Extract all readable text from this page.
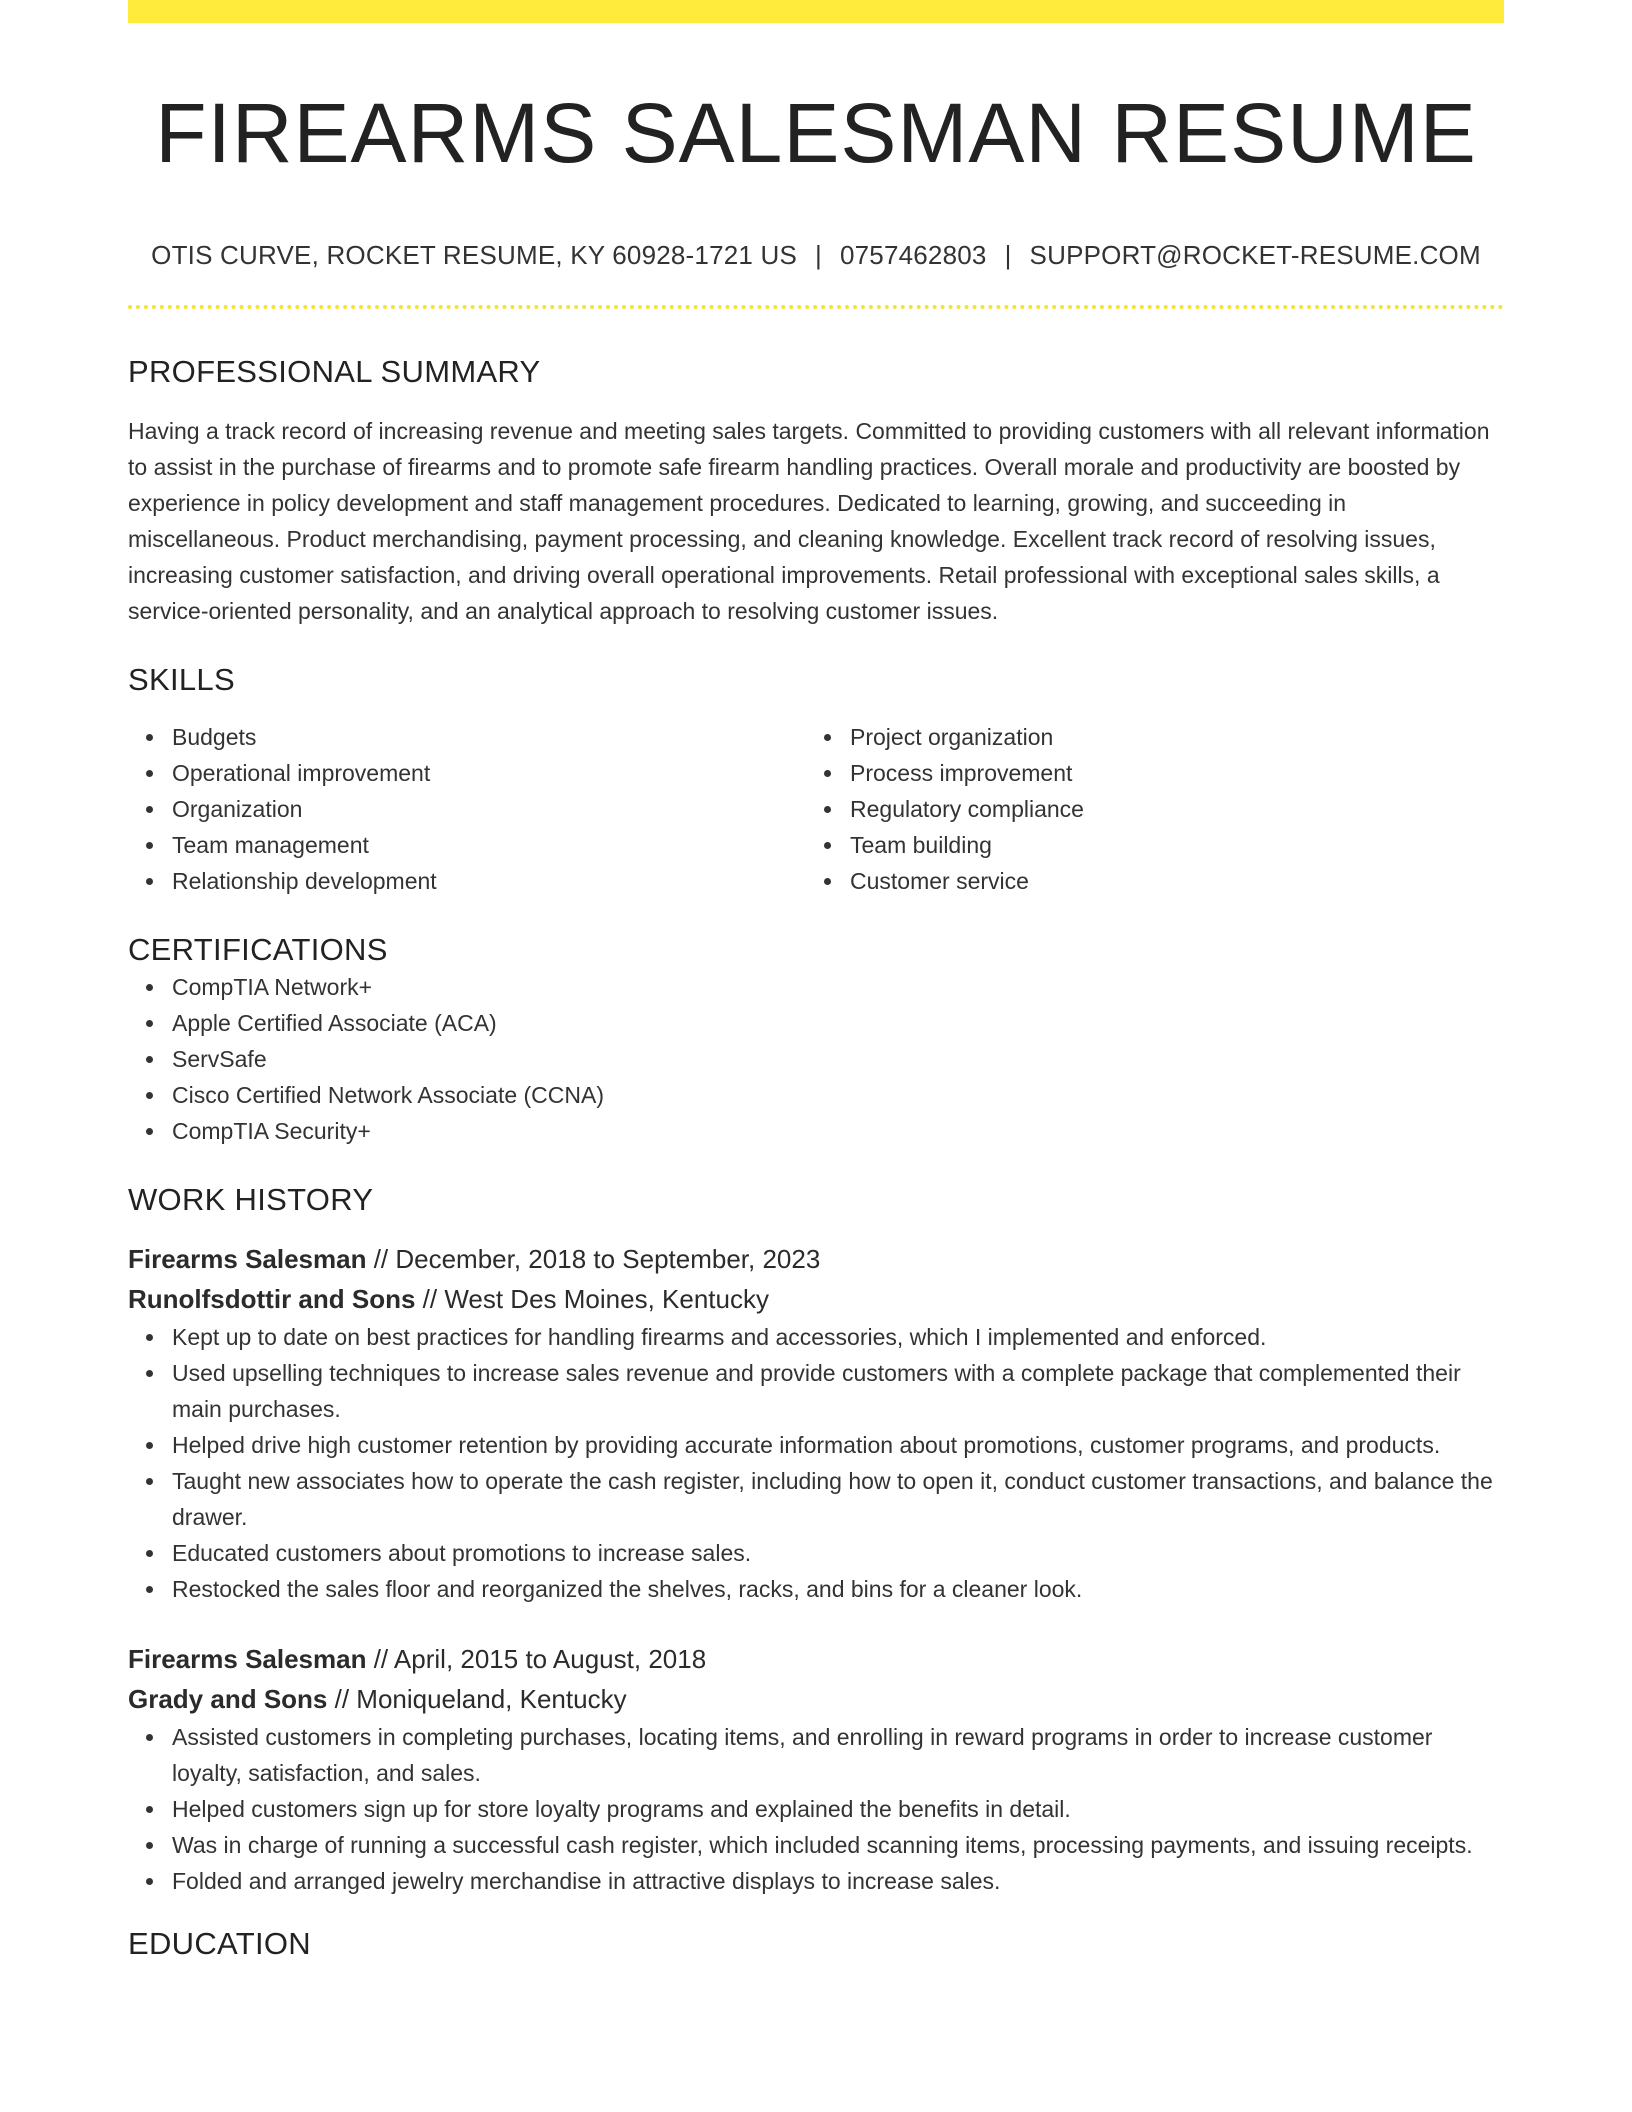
FIREARMS SALESMAN RESUME
OTIS CURVE, ROCKET RESUME, KY 60928-1721 US | 0757462803 | SUPPORT@ROCKET-RESUME.COM
PROFESSIONAL SUMMARY

Having a track record of increasing revenue and meeting sales targets. Committed to providing customers with all relevant information to assist in the purchase of firearms and to promote safe firearm handling practices. Overall morale and productivity are boosted by experience in policy development and staff management procedures. Dedicated to learning, growing, and succeeding in miscellaneous. Product merchandising, payment processing, and cleaning knowledge. Excellent track record of resolving issues, increasing customer satisfaction, and driving overall operational improvements. Retail professional with exceptional sales skills, a service-oriented personality, and an analytical approach to resolving customer issues.

SKILLS
Budgets
Operational improvement
Organization
Team management
Relationship development
Project organization
Process improvement
Regulatory compliance
Team building
Customer service
CERTIFICATIONS
CompTIA Network+
Apple Certified Associate (ACA)
ServSafe
Cisco Certified Network Associate (CCNA)
CompTIA Security+
WORK HISTORY
Firearms Salesman // December, 2018 to September, 2023
Runolfsdottir and Sons // West Des Moines, Kentucky
Kept up to date on best practices for handling firearms and accessories, which I implemented and enforced.
Used upselling techniques to increase sales revenue and provide customers with a complete package that complemented their main purchases.
Helped drive high customer retention by providing accurate information about promotions, customer programs, and products.
Taught new associates how to operate the cash register, including how to open it, conduct customer transactions, and balance the drawer.
Educated customers about promotions to increase sales.
Restocked the sales floor and reorganized the shelves, racks, and bins for a cleaner look.
Firearms Salesman // April, 2015 to August, 2018
Grady and Sons // Moniqueland, Kentucky
Assisted customers in completing purchases, locating items, and enrolling in reward programs in order to increase customer loyalty, satisfaction, and sales.
Helped customers sign up for store loyalty programs and explained the benefits in detail.
Was in charge of running a successful cash register, which included scanning items, processing payments, and issuing receipts.
Folded and arranged jewelry merchandise in attractive displays to increase sales.
EDUCATION
